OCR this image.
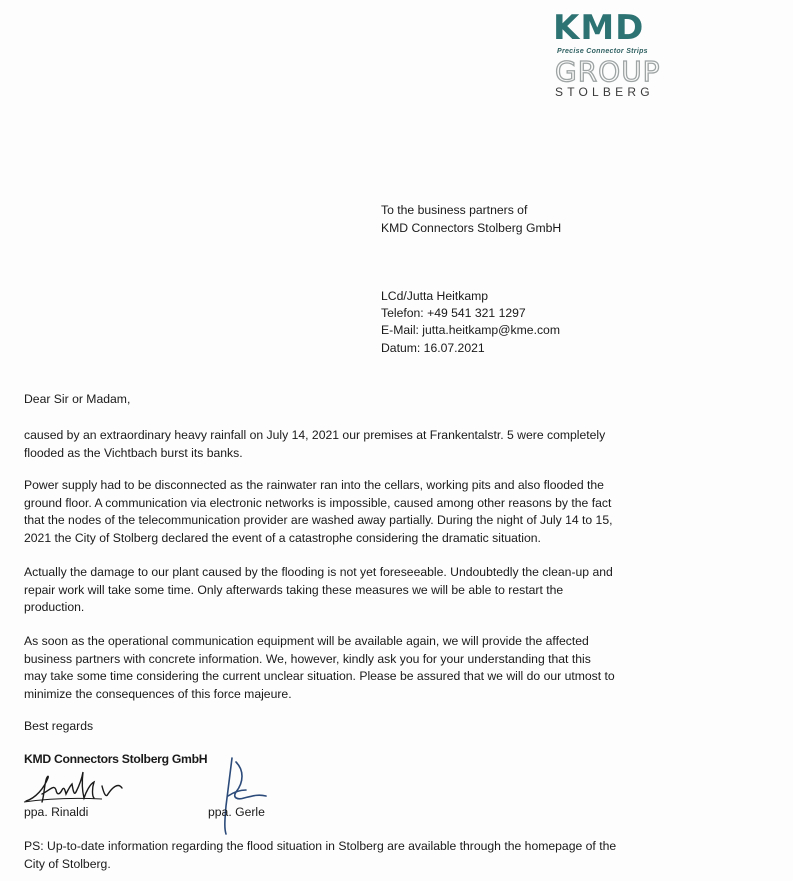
KMD
Precise Connector Strips
GROUP
STOLBERG
To the business partners of
KMD Connectors Stolberg GmbH
LCd/Jutta Heitkamp
Telefon: +49 541 321 1297
E-Mail: jutta.heitkamp@kme.com
Datum: 16.07.2021
Dear Sir or Madam,
caused by an extraordinary heavy rainfall on July 14, 2021 our premises at Frankentalstr. 5 were completely
flooded as the Vichtbach burst its banks.
Power supply had to be disconnected as the rainwater ran into the cellars, working pits and also flooded the
ground floor. A communication via electronic networks is impossible, caused among other reasons by the fact
that the nodes of the telecommunication provider are washed away partially. During the night of July 14 to 15,
2021 the City of Stolberg declared the event of a catastrophe considering the dramatic situation.
Actually the damage to our plant caused by the flooding is not yet foreseeable. Undoubtedly the clean-up and
repair work will take some time. Only afterwards taking these measures we will be able to restart the
production.
As soon as the operational communication equipment will be available again, we will provide the affected
business partners with concrete information. We, however, kindly ask you for your understanding that this
may take some time considering the current unclear situation. Please be assured that we will do our utmost to
minimize the consequences of this force majeure.
Best regards
KMD Connectors Stolberg GmbH
ppa. Rinaldi	ppa. Gerle
PS: Up-to-date information regarding the flood situation in Stolberg are available through the homepage of the
City of Stolberg.
